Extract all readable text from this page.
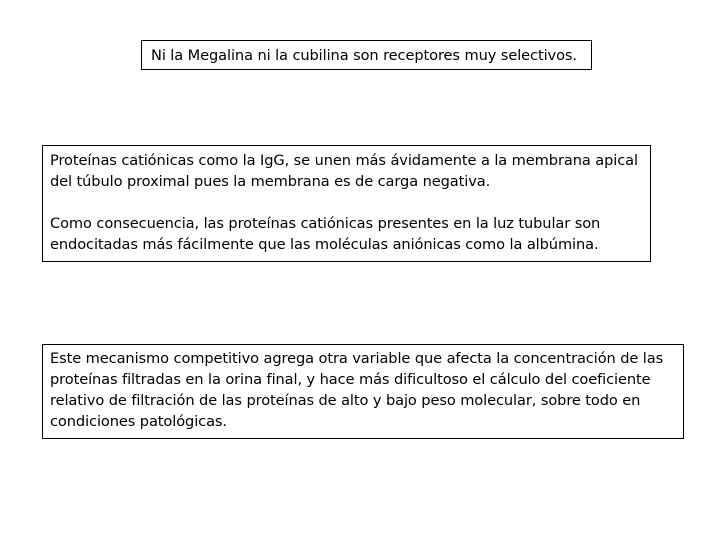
Ni la Megalina ni la cubilina son receptores muy selectivos.

Proteínas catiónicas como la IgG, se unen más ávidamente a la membrana apical
del túbulo proximal pues la membrana es de carga negativa.

Como consecuencia, las proteínas catiónicas presentes en la luz tubular son
endocitadas más fácilmente que las moléculas aniónicas como la albúmina.

Este mecanismo competitivo agrega otra variable que afecta la concentración de las
proteínas filtradas en la orina final, y hace más dificultoso el cálculo del coeficiente
relativo de filtración de las proteínas de alto y bajo peso molecular, sobre todo en
condiciones patológicas.
